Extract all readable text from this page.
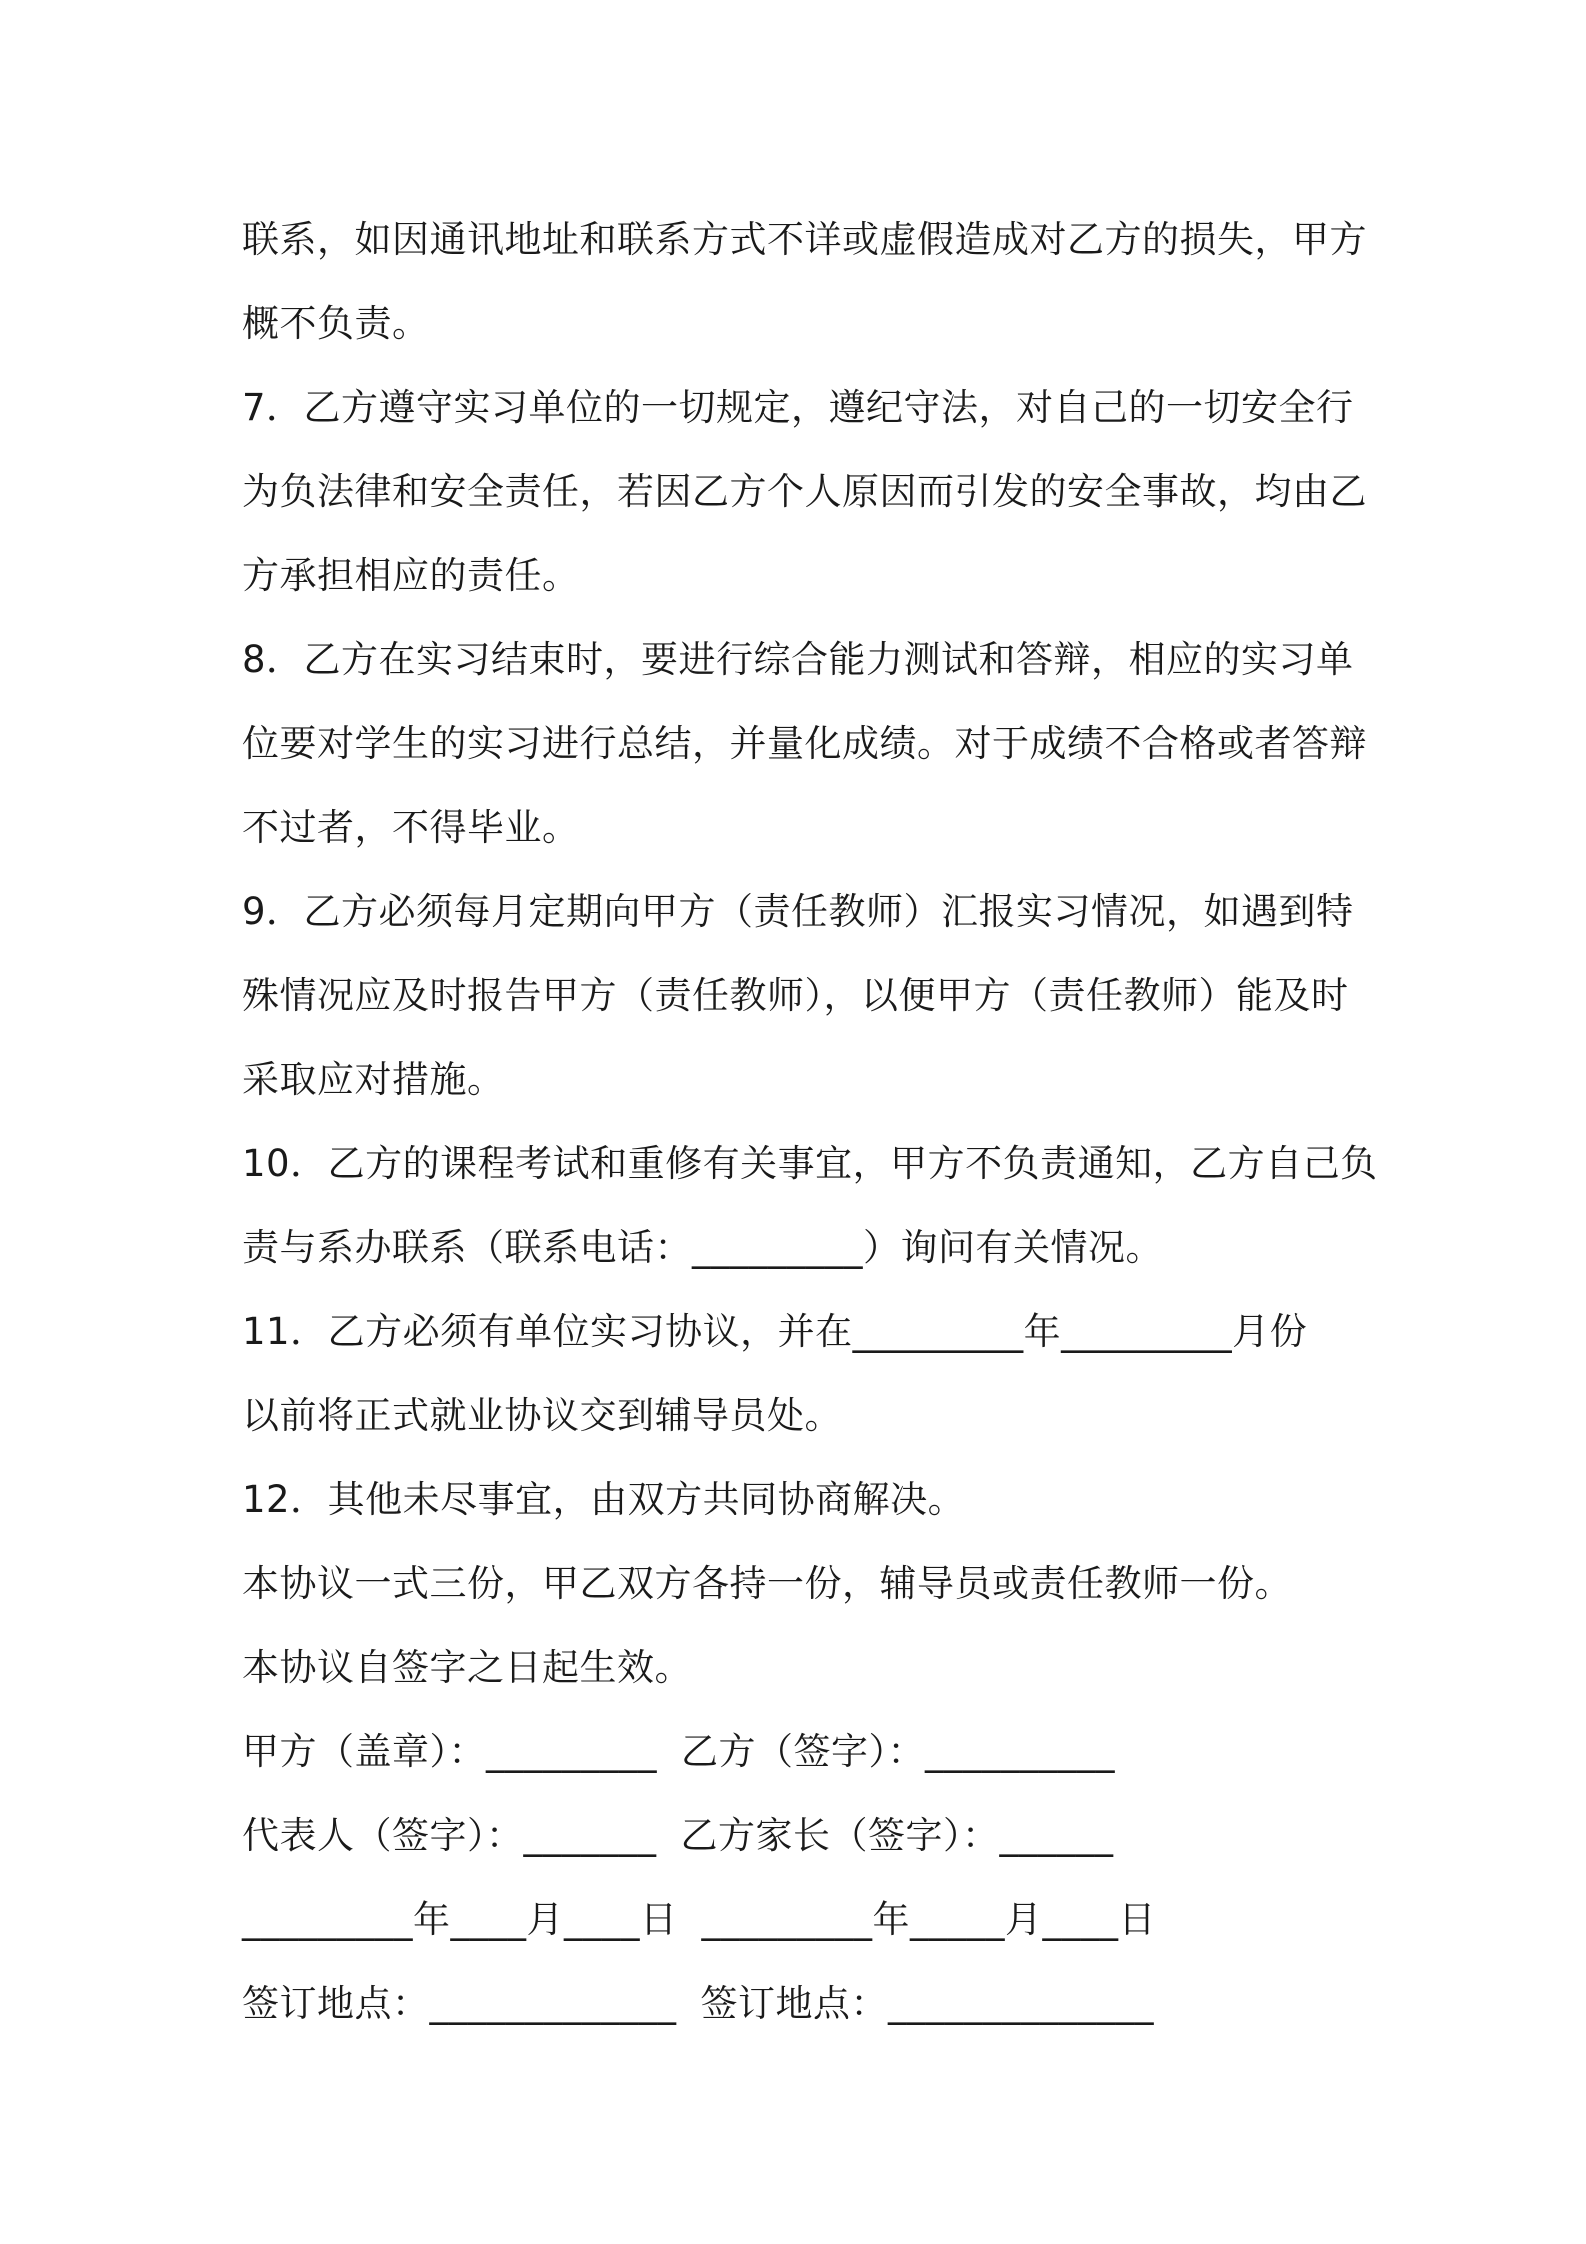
联系，如因通讯地址和联系方式不详或虚假造成对乙方的损失，甲方
概不负责。
7．乙方遵守实习单位的一切规定，遵纪守法，对自己的一切安全行
为负法律和安全责任，若因乙方个人原因而引发的安全事故，均由乙
方承担相应的责任。
8．乙方在实习结束时，要进行综合能力测试和答辩，相应的实习单
位要对学生的实习进行总结，并量化成绩。对于成绩不合格或者答辩
不过者，不得毕业。
9．乙方必须每月定期向甲方（责任教师）汇报实习情况，如遇到特
殊情况应及时报告甲方（责任教师），以便甲方（责任教师）能及时
采取应对措施。
10．乙方的课程考试和重修有关事宜，甲方不负责通知，乙方自己负
责与系办联系（联系电话：_________）询问有关情况。
11．乙方必须有单位实习协议，并在_________年_________月份
以前将正式就业协议交到辅导员处。
12．其他未尽事宜，由双方共同协商解决。
本协议一式三份，甲乙双方各持一份，辅导员或责任教师一份。
本协议自签字之日起生效。
甲方（盖章）：_________ 乙方（签字）：__________
代表人（签字）：_______ 乙方家长（签字）：______
_________年____月____日 _________年_____月____日
签订地点：_____________ 签订地点：______________
